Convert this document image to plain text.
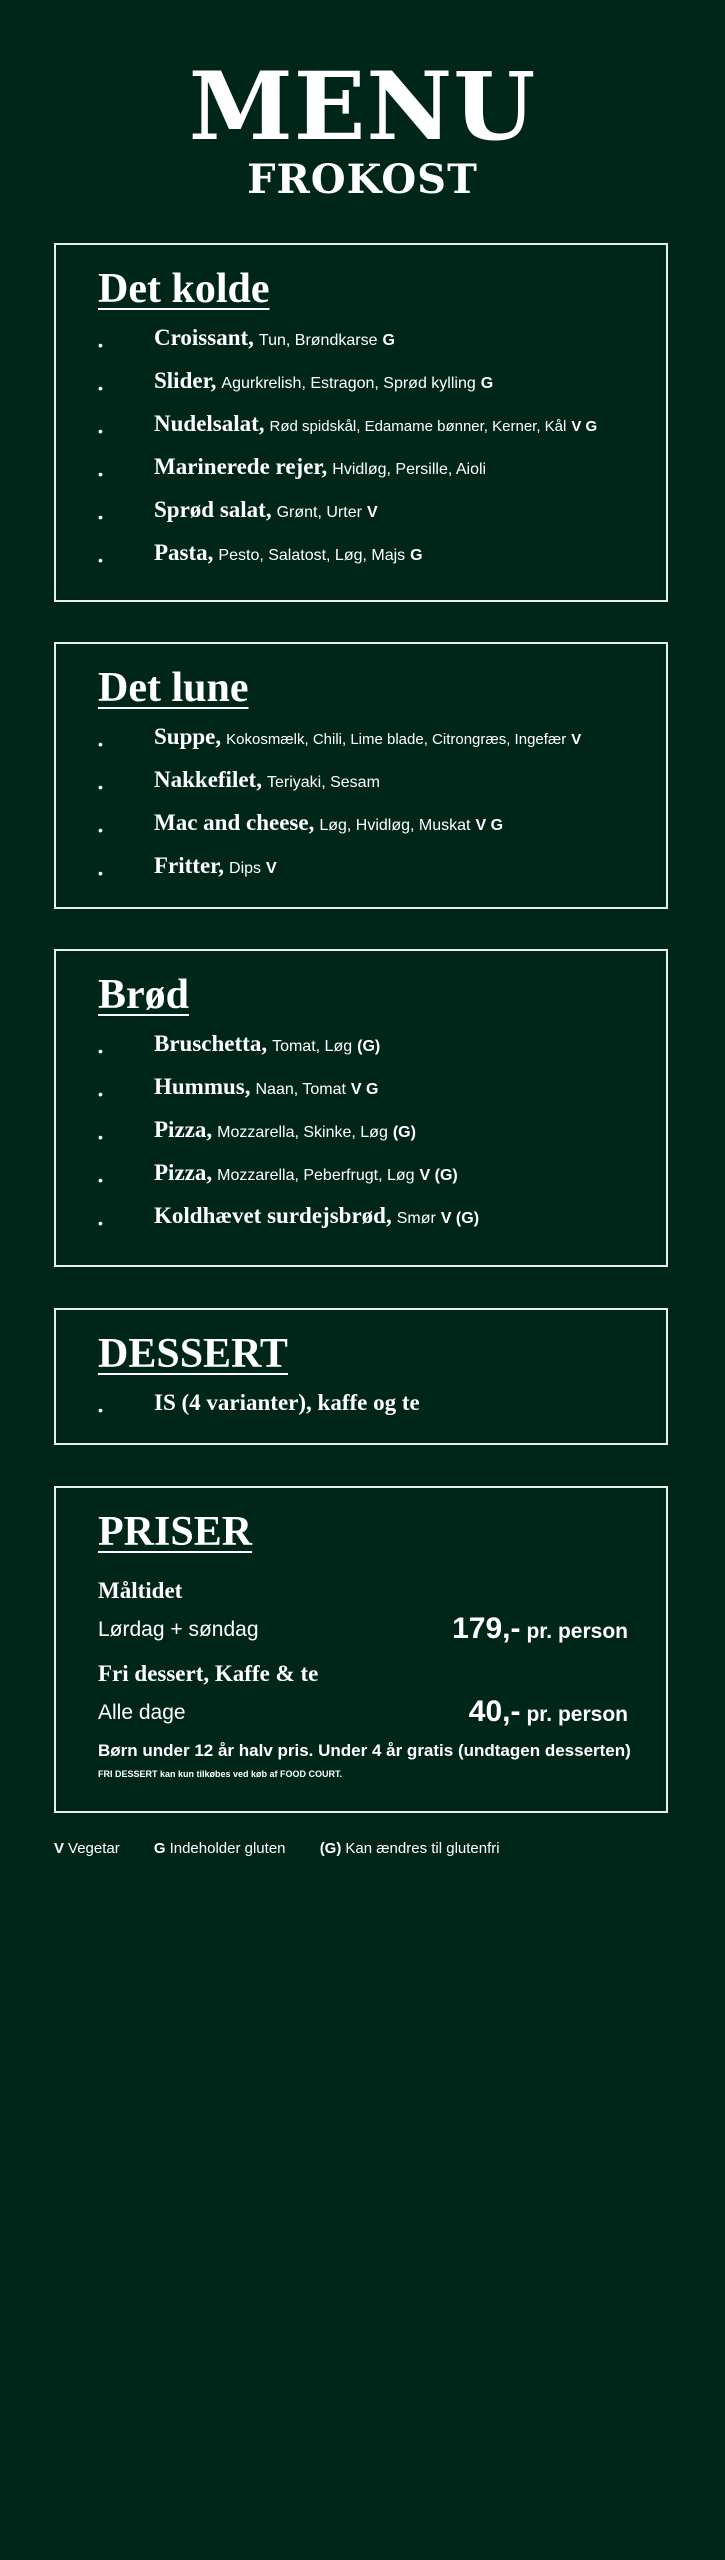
MENU
FROKOST
Det kolde
• Croissant, Tun, Brøndkarse G
• Slider, Agurkrelish, Estragon, Sprød kylling G
• Nudelsalat, Rød spidskål, Edamame bønner, Kerner, Kål V G
• Marinerede rejer, Hvidløg, Persille, Aioli
• Sprød salat, Grønt, Urter V
• Pasta, Pesto, Salatost, Løg, Majs G
Det lune
• Suppe, Kokosmælk, Chili, Lime blade, Citrongræs, Ingefær V
• Nakkefilet, Teriyaki, Sesam
• Mac and cheese, Løg, Hvidløg, Muskat V G
• Fritter, Dips V
Brød
• Bruschetta, Tomat, Løg (G)
• Hummus, Naan, Tomat V G
• Pizza, Mozzarella, Skinke, Løg (G)
• Pizza, Mozzarella, Peberfrugt, Løg V (G)
• Koldhævet surdejsbrød, Smør V (G)
DESSERT
• IS (4 varianter), kaffe og te
PRISER
Måltidet
Lørdag + søndag	179,- pr. person
Fri dessert, Kaffe & te
Alle dage	40,- pr. person
Børn under 12 år halv pris. Under 4 år gratis (undtagen desserten)
FRI DESSERT kan kun tilkøbes ved køb af FOOD COURT.
V Vegetar G Indeholder gluten (G) Kan ændres til glutenfri
